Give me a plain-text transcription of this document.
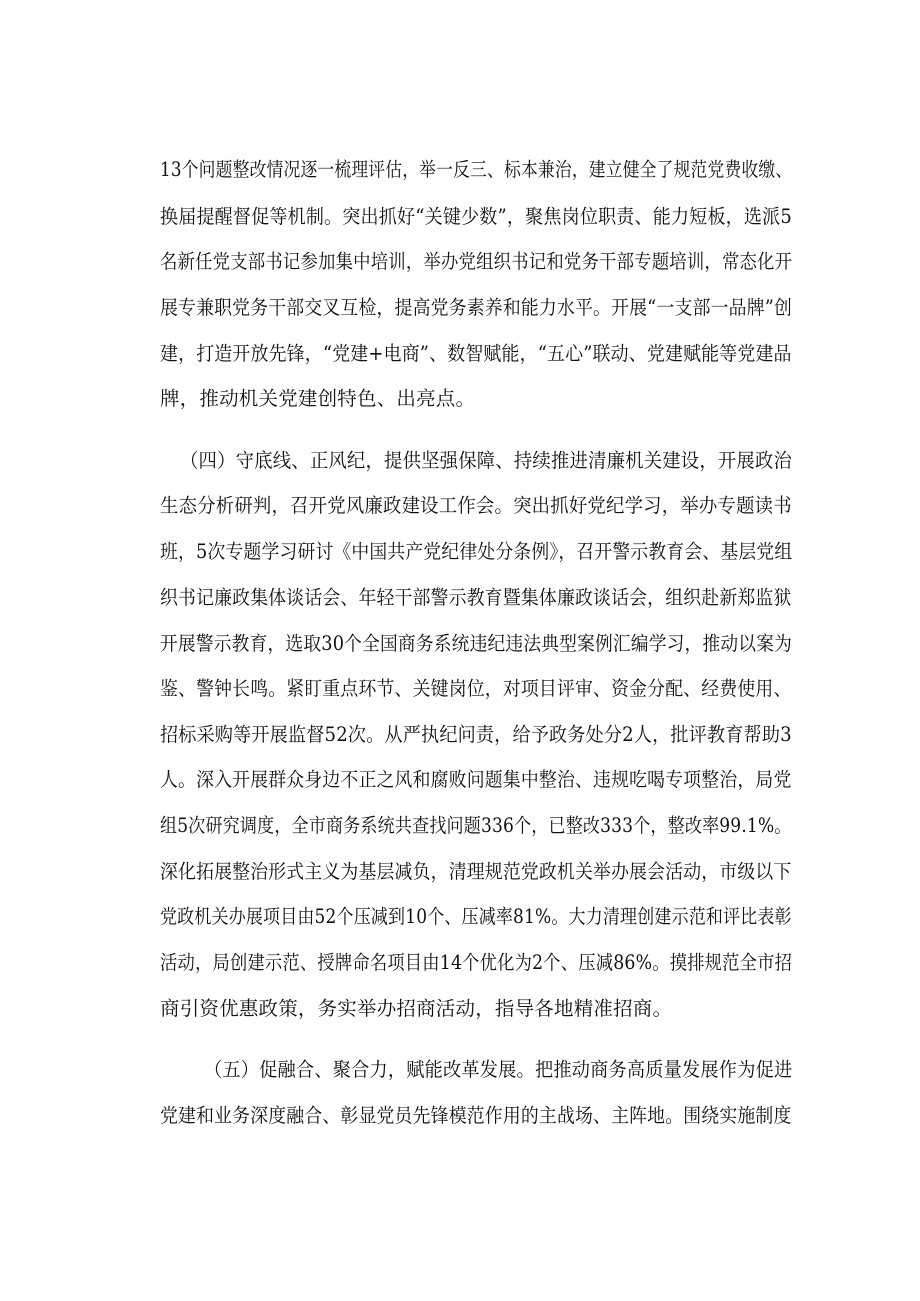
13个问题整改情况逐一梳理评估，举一反三、标本兼治，建立健全了规范党费收缴、
换届提醒督促等机制。突出抓好“关键少数”，聚焦岗位职责、能力短板，选派5
名新任党支部书记参加集中培训，举办党组织书记和党务干部专题培训，常态化开
展专兼职党务干部交叉互检，提高党务素养和能力水平。开展“一支部一品牌”创
建，打造开放先锋，“党建+电商”、数智赋能，“五心”联动、党建赋能等党建品
牌，推动机关党建创特色、出亮点。
（四）守底线、正风纪，提供坚强保障、持续推进清廉机关建设，开展政治
生态分析研判，召开党风廉政建设工作会。突出抓好党纪学习，举办专题读书
班，5次专题学习研讨《中国共产党纪律处分条例》，召开警示教育会、基层党组
织书记廉政集体谈话会、年轻干部警示教育暨集体廉政谈话会，组织赴新郑监狱
开展警示教育，选取30个全国商务系统违纪违法典型案例汇编学习，推动以案为
鉴、警钟长鸣。紧盯重点环节、关键岗位，对项目评审、资金分配、经费使用、
招标采购等开展监督52次。从严执纪问责，给予政务处分2人，批评教育帮助3
人。深入开展群众身边不正之风和腐败问题集中整治、违规吃喝专项整治，局党
组5次研究调度，全市商务系统共查找问题336个，已整改333个，整改率99.1%。
深化拓展整治形式主义为基层减负，清理规范党政机关举办展会活动，市级以下
党政机关办展项目由52个压减到10个、压减率81%。大力清理创建示范和评比表彰
活动，局创建示范、授牌命名项目由14个优化为2个、压减86%。摸排规范全市招
商引资优惠政策，务实举办招商活动，指导各地精准招商。
（五）促融合、聚合力，赋能改革发展。把推动商务高质量发展作为促进
党建和业务深度融合、彰显党员先锋模范作用的主战场、主阵地。围绕实施制度
